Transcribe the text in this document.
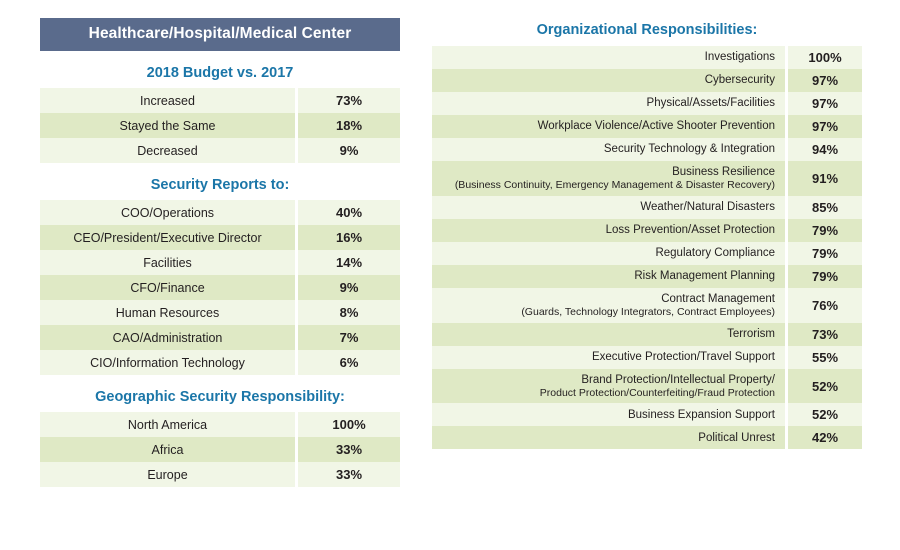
Healthcare/Hospital/Medical Center
2018 Budget vs. 2017
Increased	73%
Stayed the Same	18%
Decreased	9%
Security Reports to:
COO/Operations	40%
CEO/President/Executive Director	16%
Facilities	14%
CFO/Finance	9%
Human Resources	8%
CAO/Administration	7%
CIO/Information Technology	6%
Geographic Security Responsibility:
North America	100%
Africa	33%
Europe	33%
Organizational Responsibilities:
Investigations	100%
Cybersecurity	97%
Physical/Assets/Facilities	97%
Workplace Violence/Active Shooter Prevention	97%
Security Technology & Integration	94%
Business Resilience
(Business Continuity, Emergency Management & Disaster Recovery)	91%
Weather/Natural Disasters	85%
Loss Prevention/Asset Protection	79%
Regulatory Compliance	79%
Risk Management Planning	79%
Contract Management
(Guards, Technology Integrators, Contract Employees)	76%
Terrorism	73%
Executive Protection/Travel Support	55%
Brand Protection/Intellectual Property/
Product Protection/Counterfeiting/Fraud Protection	52%
Business Expansion Support	52%
Political Unrest	42%
